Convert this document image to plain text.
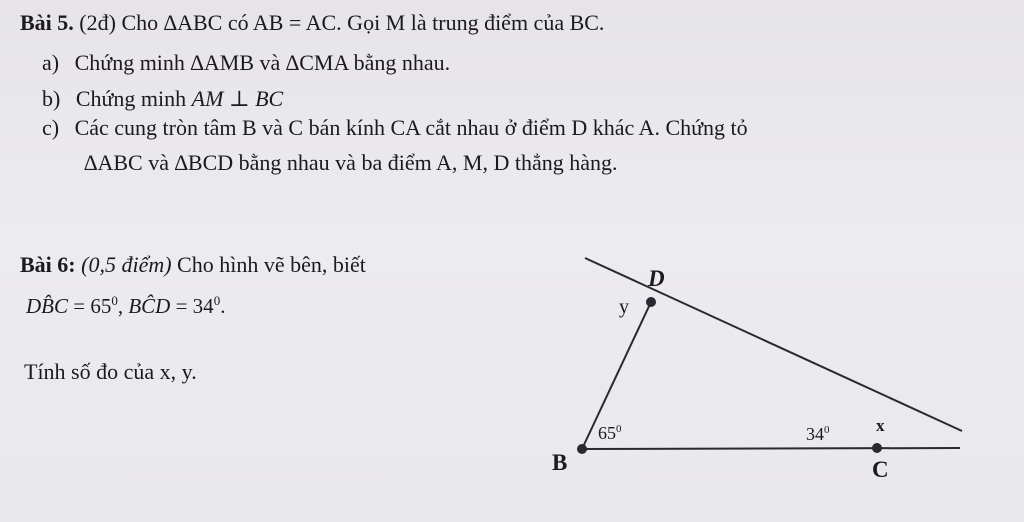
Bài 5. (2đ) Cho ∆ABC có AB = AC. Gọi M là trung điểm của BC.
a) Chứng minh ∆AMB và ∆CMA bằng nhau.
b) Chứng minh AM ⊥ BC
c) Các cung tròn tâm B và C bán kính CA cắt nhau ở điểm D khác A. Chứng tỏ
∆ABC và ∆BCD bằng nhau và ba điểm A, M, D thẳng hàng.
Bài 6: (0,5 điểm) Cho hình vẽ bên, biết
DB̂C = $65^0$, BĈD = $34^0$.
Tính số đo của x, y.
D
B	C
y
x
$65^0$	$34^0$
